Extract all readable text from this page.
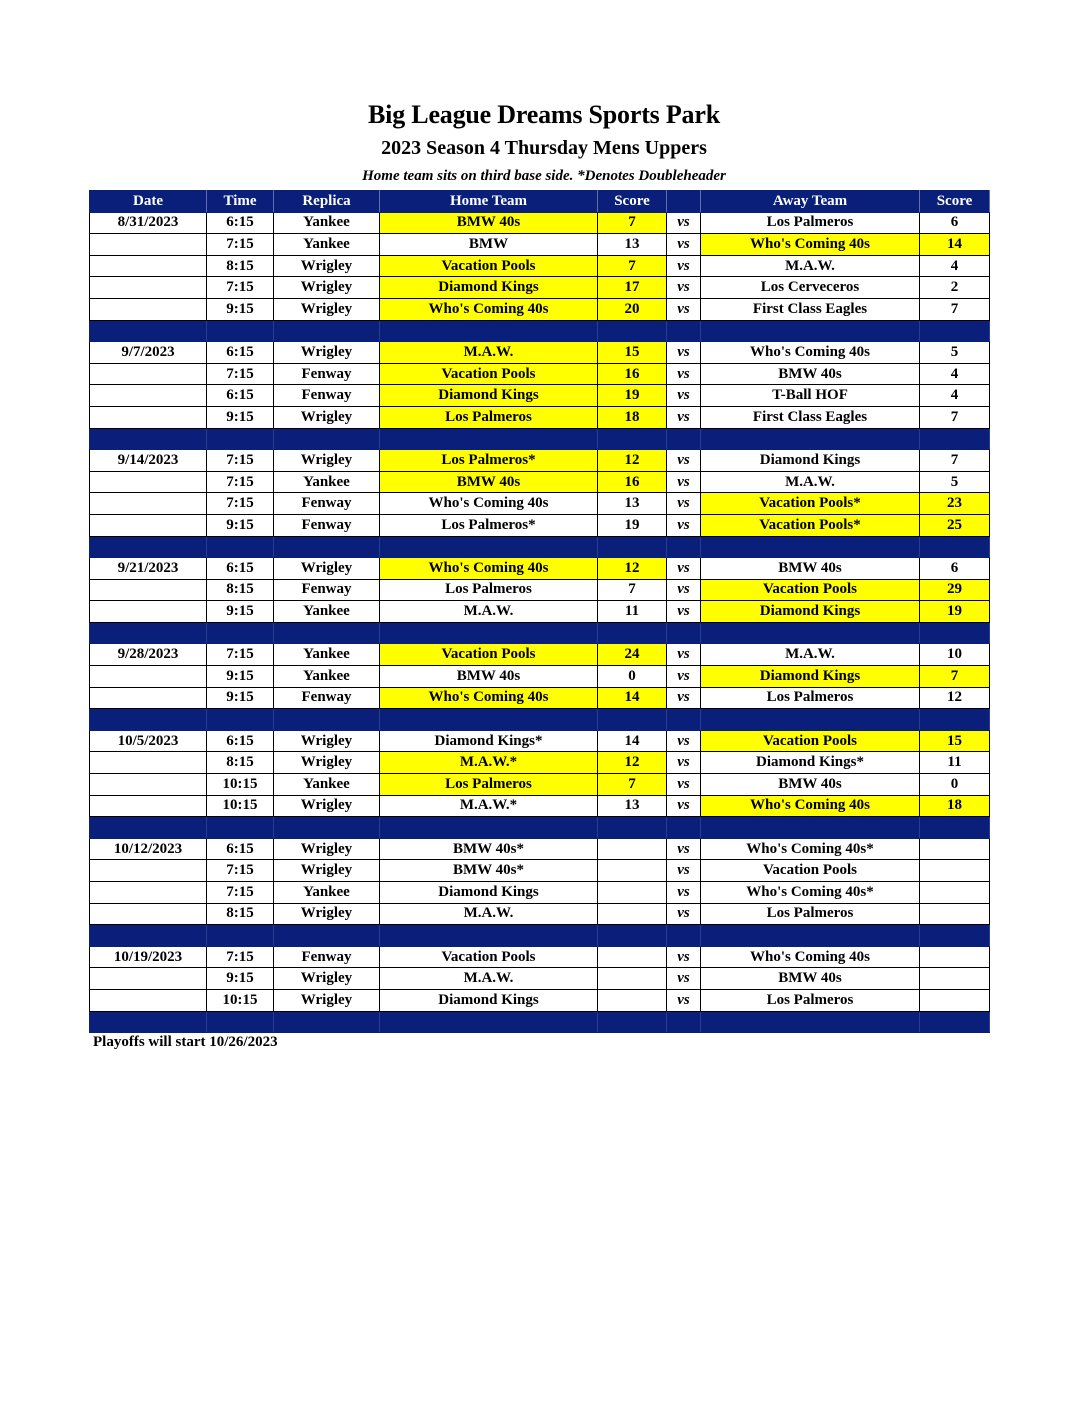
Big League Dreams Sports Park
2023 Season 4 Thursday Mens Uppers
Home team sits on third base side. *Denotes Doubleheader
Date	Time	Replica	Home Team	Score		Away Team	Score
8/31/2023	6:15	Yankee	BMW 40s	7	vs	Los Palmeros	6
	7:15	Yankee	BMW	13	vs	Who's Coming 40s	14
	8:15	Wrigley	Vacation Pools	7	vs	M.A.W.	4
	7:15	Wrigley	Diamond Kings	17	vs	Los Cerveceros	2
	9:15	Wrigley	Who's Coming 40s	20	vs	First Class Eagles	7

9/7/2023	6:15	Wrigley	M.A.W.	15	vs	Who's Coming 40s	5
	7:15	Fenway	Vacation Pools	16	vs	BMW 40s	4
	6:15	Fenway	Diamond Kings	19	vs	T-Ball HOF	4
	9:15	Wrigley	Los Palmeros	18	vs	First Class Eagles	7

9/14/2023	7:15	Wrigley	Los Palmeros*	12	vs	Diamond Kings	7
	7:15	Yankee	BMW 40s	16	vs	M.A.W.	5
	7:15	Fenway	Who's Coming 40s	13	vs	Vacation Pools*	23
	9:15	Fenway	Los Palmeros*	19	vs	Vacation Pools*	25

9/21/2023	6:15	Wrigley	Who's Coming 40s	12	vs	BMW 40s	6
	8:15	Fenway	Los Palmeros	7	vs	Vacation Pools	29
	9:15	Yankee	M.A.W.	11	vs	Diamond Kings	19

9/28/2023	7:15	Yankee	Vacation Pools	24	vs	M.A.W.	10
	9:15	Yankee	BMW 40s	0	vs	Diamond Kings	7
	9:15	Fenway	Who's Coming 40s	14	vs	Los Palmeros	12

10/5/2023	6:15	Wrigley	Diamond Kings*	14	vs	Vacation Pools	15
	8:15	Wrigley	M.A.W.*	12	vs	Diamond Kings*	11
	10:15	Yankee	Los Palmeros	7	vs	BMW 40s	0
	10:15	Wrigley	M.A.W.*	13	vs	Who's Coming 40s	18

10/12/2023	6:15	Wrigley	BMW 40s*		vs	Who's Coming 40s*	
	7:15	Wrigley	BMW 40s*		vs	Vacation Pools	
	7:15	Yankee	Diamond Kings		vs	Who's Coming 40s*	
	8:15	Wrigley	M.A.W.		vs	Los Palmeros	

10/19/2023	7:15	Fenway	Vacation Pools		vs	Who's Coming 40s	
	9:15	Wrigley	M.A.W.		vs	BMW 40s	
	10:15	Wrigley	Diamond Kings		vs	Los Palmeros	

Playoffs will start 10/26/2023
